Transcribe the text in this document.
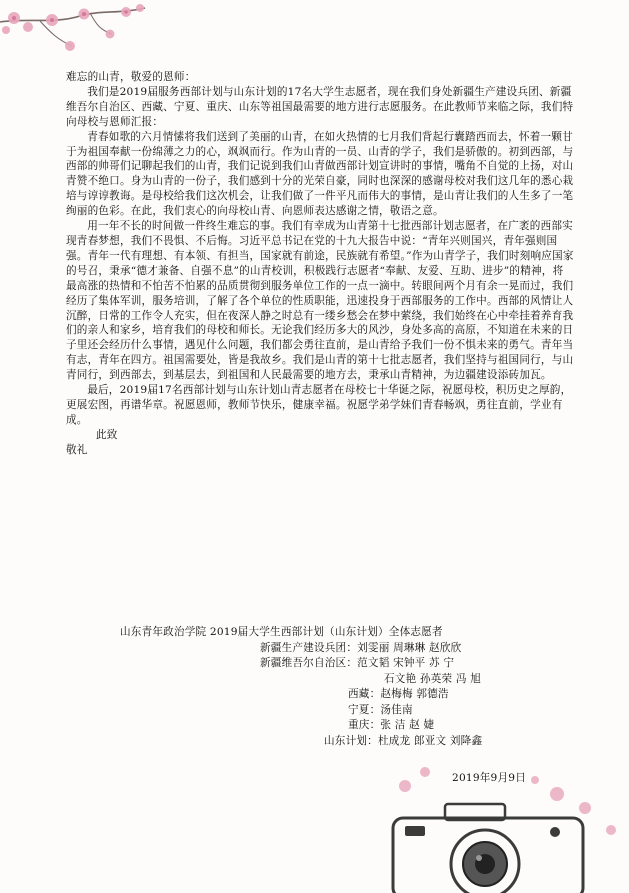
难忘的山青，敬爱的恩师：

我们是2019届服务西部计划与山东计划的17名大学生志愿者，现在我们身处新疆生产建设兵团、新疆维吾尔自治区、西藏、宁夏、重庆、山东等祖国最需要的地方进行志愿服务。在此教师节来临之际，我们特向母校与恩师汇报：

青春如歌的六月情愫将我们送到了美丽的山青，在如火热情的七月我们背起行囊踏西而去，怀着一颗甘于为祖国奉献一份绵薄之力的心，飒飒而行。作为山青的一员、山青的学子，我们是骄傲的。初到西部，与西部的帅哥们记聊起我们的山青，我们记说到我们山青做西部计划宣讲时的事情，嘴角不自觉的上扬，对山青赞不绝口。身为山青的一份子，我们感到十分的光荣自豪，同时也深深的感谢母校对我们这几年的悉心栽培与谆谆教诲。是母校给我们这次机会，让我们做了一件平凡而伟大的事情，是山青让我们的人生多了一笔绚丽的色彩。在此，我们衷心的向母校山青、向恩师表达感谢之情，敬语之意。

用一年不长的时间做一件终生难忘的事。我们有幸成为山青第十七批西部计划志愿者，在广袤的西部实现青春梦想，我们不畏惧、不后悔。习近平总书记在党的十九大报告中说：“青年兴则国兴，青年强则国强。青年一代有理想、有本领、有担当，国家就有前途，民族就有希望。”作为山青学子，我们时刻响应国家的号召，秉承“德才兼备、自强不息”的山青校训，积极践行志愿者“奉献、友爱、互助、进步”的精神，将最高涨的热情和不怕苦不怕累的品质贯彻到服务单位工作的一点一滴中。转眼间两个月有余一晃而过，我们经历了集体军训，服务培训，了解了各个单位的性质职能，迅速投身于西部服务的工作中。西部的风情让人沉醉，日常的工作令人充实，但在夜深人静之时总有一缕乡愁会在梦中萦绕，我们始终在心中牵挂着养育我们的亲人和家乡，培育我们的母校和师长。无论我们经历多大的风沙，身处多高的高原，不知道在未来的日子里还会经历什么事情，遇见什么问题，我们都会勇往直前，是山青给予我们一份不惧未来的勇气。青年当有志，青年在四方。祖国需要处，皆是我故乡。我们是山青的第十七批志愿者，我们坚持与祖国同行，与山青同行，到西部去，到基层去，到祖国和人民最需要的地方去，秉承山青精神，为边疆建设添砖加瓦。

最后，2019届17名西部计划与山东计划山青志愿者在母校七十华诞之际，祝愿母校，积历史之厚韵，更展宏图，再谱华章。祝愿恩师，教师节快乐，健康幸福。祝愿学弟学妹们青春畅飒，勇往直前，学业有成。

此致

敬礼

山东青年政治学院 2019届大学生西部计划（山东计划）全体志愿者
新疆生产建设兵团：刘雯丽 周琳琳 赵欣欣
新疆维吾尔自治区：范文韬 宋钟平 苏 宁
石文艳 孙英荣 冯 旭
西藏：赵梅梅 郭德浩
宁夏：汤佳南
重庆：张 洁 赵 婕
山东计划：杜成龙 郎亚文 刘降鑫
2019年9月9日
